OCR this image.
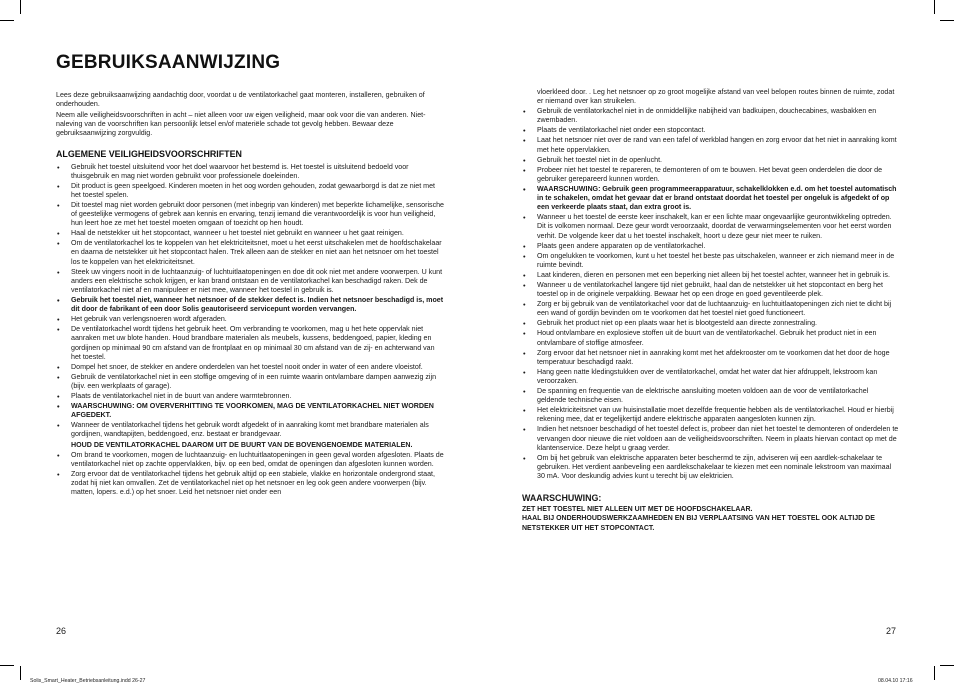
GEBRUIKSAANWIJZING

Lees deze gebruiksaanwijzing aandachtig door, voordat u de ventilatorkachel gaat monteren, installeren, gebruiken of onderhouden.

Neem alle veiligheidsvoorschriften in acht – niet alleen voor uw eigen veiligheid, maar ook voor die van anderen. Niet-naleving van de voorschriften kan persoonlijk letsel en/of materiële schade tot gevolg hebben. Bewaar deze gebruiksaanwijzing zorgvuldig.

ALGEMENE VEILIGHEIDSVOORSCHRIFTEN
• Gebruik het toestel uitsluitend voor het doel waarvoor het bestemd is. Het toestel is uitsluitend bedoeld voor thuisgebruik en mag niet worden gebruikt voor professionele doeleinden.
• Dit product is geen speelgoed. Kinderen moeten in het oog worden gehouden, zodat gewaarborgd is dat ze niet met het toestel spelen.
• Dit toestel mag niet worden gebruikt door personen (met inbegrip van kinderen) met beperkte lichamelijke, sensorische of geestelijke vermogens of gebrek aan kennis en ervaring, tenzij iemand die verantwoordelijk is voor hun veiligheid, hun leert hoe ze met het toestel moeten omgaan of toezicht op hen houdt.
• Haal de netstekker uit het stopcontact, wanneer u het toestel niet gebruikt en wanneer u het gaat reinigen.
• Om de ventilatorkachel los te koppelen van het elektriciteitsnet, moet u het eerst uitschakelen met de hoofdschakelaar en daarna de netstekker uit het stopcontact halen. Trek alleen aan de stekker en niet aan het netsnoer om het toestel los te koppelen van het elektriciteitsnet.
• Steek uw vingers nooit in de luchtaanzuig- of luchtuitlaatopeningen en doe dit ook niet met andere voorwerpen. U kunt anders een elektrische schok krijgen, er kan brand ontstaan en de ventilatorkachel kan beschadigd raken. Dek de ventilatorkachel niet af en manipuleer er niet mee, wanneer het toestel in gebruik is.
• Gebruik het toestel niet, wanneer het netsnoer of de stekker defect is. Indien het netsnoer beschadigd is, moet dit door de fabrikant of een door Solis geautoriseerd servicepunt worden vervangen.
• Het gebruik van verlengsnoeren wordt afgeraden.
• De ventilatorkachel wordt tijdens het gebruik heet. Om verbranding te voorkomen, mag u het hete oppervlak niet aanraken met uw blote handen. Houd brandbare materialen als meubels, kussens, beddengoed, papier, kleding en gordijnen op minimaal 90 cm afstand van de frontplaat en op minimaal 30 cm afstand van de zij- en achterwand van het toestel.
• Dompel het snoer, de stekker en andere onderdelen van het toestel nooit onder in water of een andere vloeistof.
• Gebruik de ventilatorkachel niet in een stoffige omgeving of in een ruimte waarin ontvlambare dampen aanwezig zijn (bijv. een werkplaats of garage).
• Plaats de ventilatorkachel niet in de buurt van andere warmtebronnen.
• WAARSCHUWING: OM OVERVERHITTING TE VOORKOMEN, MAG DE VENTILATORKACHEL NIET WORDEN AFGEDEKT.
• Wanneer de ventilatorkachel tijdens het gebruik wordt afgedekt of in aanraking komt met brandbare materialen als gordijnen, wandtapijten, beddengoed, enz. bestaat er brandgevaar.
HOUD DE VENTILATORKACHEL DAAROM UIT DE BUURT VAN DE BOVENGENOEMDE MATERIALEN.
• Om brand te voorkomen, mogen de luchtaanzuig- en luchtuitlaatopeningen in geen geval worden afgesloten. Plaats de ventilatorkachel niet op zachte oppervlakken, bijv. op een bed, omdat de openingen dan afgesloten kunnen worden.
• Zorg ervoor dat de ventilatorkachel tijdens het gebruik altijd op een stabiele, vlakke en horizontale ondergrond staat, zodat hij niet kan omvallen. Zet de ventilatorkachel niet op het netsnoer en leg ook geen andere voorwerpen (bijv. matten, lopers. e.d.) op het snoer. Leid het netsnoer niet onder een
vloerkleed door. . Leg het netsnoer op zo groot mogelijke afstand van veel belopen routes binnen de ruimte, zodat er niemand over kan struikelen.
• Gebruik de ventilatorkachel niet in de onmiddellijke nabijheid van badkuipen, douchecabines, wasbakken en zwembaden.
• Plaats de ventilatorkachel niet onder een stopcontact.
• Laat het netsnoer niet over de rand van een tafel of werkblad hangen en zorg ervoor dat het niet in aanraking komt met hete oppervlakken.
• Gebruik het toestel niet in de openlucht.
• Probeer niet het toestel te repareren, te demonteren of om te bouwen. Het bevat geen onderdelen die door de gebruiker gerepareerd kunnen worden.
• WAARSCHUWING: Gebruik geen programmeerapparatuur, schakelklokken e.d. om het toestel automatisch in te schakelen, omdat het gevaar dat er brand ontstaat doordat het toestel per ongeluk is afgedekt of op een verkeerde plaats staat, dan extra groot is.
• Wanneer u het toestel de eerste keer inschakelt, kan er een lichte maar ongevaarlijke geurontwikkeling optreden. Dit is volkomen normaal. Deze geur wordt veroorzaakt, doordat de verwarmingselementen voor het eerst worden verhit. De volgende keer dat u het toestel inschakelt, hoort u deze geur niet meer te ruiken.
• Plaats geen andere apparaten op de ventilatorkachel.
• Om ongelukken te voorkomen, kunt u het toestel het beste pas uitschakelen, wanneer er zich niemand meer in de ruimte bevindt.
• Laat kinderen, dieren en personen met een beperking niet alleen bij het toestel achter, wanneer het in gebruik is.
• Wanneer u de ventilatorkachel langere tijd niet gebruikt, haal dan de netstekker uit het stopcontact en berg het toestel op in de originele verpakking. Bewaar het op een droge en goed geventileerde plek.
• Zorg er bij gebruik van de ventilatorkachel voor dat de luchtaanzuig- en luchtuitlaatopeningen zich niet te dicht bij een wand of gordijn bevinden om te voorkomen dat het toestel niet goed functioneert.
• Gebruik het product niet op een plaats waar het is blootgesteld aan directe zonnestraling.
• Houd ontvlambare en explosieve stoffen uit de buurt van de ventilatorkachel. Gebruik het product niet in een ontvlambare of stoffige atmosfeer.
• Zorg ervoor dat het netsnoer niet in aanraking komt met het afdekrooster om te voorkomen dat het door de hoge temperatuur beschadigd raakt.
• Hang geen natte kledingstukken over de ventilatorkachel, omdat het water dat hier afdruppelt, lekstroom kan veroorzaken.
• De spanning en frequentie van de elektrische aansluiting moeten voldoen aan de voor de ventilatorkachel geldende technische eisen.
• Het elektriciteitsnet van uw huisinstallatie moet dezelfde frequentie hebben als de ventilatorkachel. Houd er hierbij rekening mee, dat er tegelijkertijd andere elektrische apparaten aangesloten kunnen zijn.
• Indien het netsnoer beschadigd of het toestel defect is, probeer dan niet het toestel te demonteren of onderdelen te vervangen door nieuwe die niet voldoen aan de veiligheidsvoorschriften. Neem in plaats hiervan contact op met de klantenservice. Deze helpt u graag verder.
• Om bij het gebruik van elektrische apparaten beter beschermd te zijn, adviseren wij een aardlek-schakelaar te gebruiken. Het verdient aanbeveling een aardlekschakelaar te kiezen met een nominale lekstroom van maximaal 30 mA. Voor deskundig advies kunt u terecht bij uw elektricien.
WAARSCHUWING:
ZET HET TOESTEL NIET ALLEEN UIT MET DE HOOFDSCHAKELAAR.
HAAL BIJ ONDERHOUDSWERKZAAMHEDEN EN BIJ VERPLAATSING VAN HET TOESTEL OOK ALTIJD DE NETSTEKKER UIT HET STOPCONTACT.
26	27
Solis_Smart_Heater_Betriebsanleitung.indd 26-27	08.04.10 17:16
